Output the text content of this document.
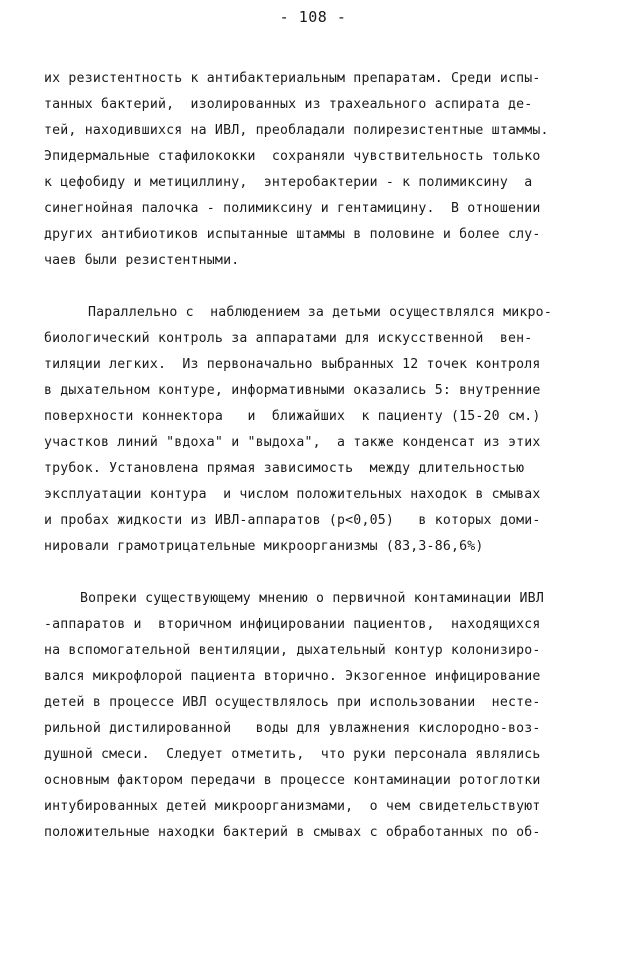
- 108 -
их резистентность к антибактериальным препаратам. Среди испы-
танных бактерий,  изолированных из трахеального аспирата де-
тей, находившихся на ИВЛ, преобладали полирезистентные штаммы.
Эпидермальные стафилококки  сохраняли чувствительность только
к цефобиду и метициллину,  энтеробактерии - к полимиксину  а
синегнойная палочка - полимиксину и гентамицину.  В отношении
других антибиотиков испытанные штаммы в половине и более слу-
чаев были резистентными.
Параллельно с  наблюдением за детьми осуществлялся микро-
биологический контроль за аппаратами для искусственной  вен-
тиляции легких.  Из первоначально выбранных 12 точек контроля
в дыхательном контуре, информативными оказались 5: внутренние
поверхности коннектора   и  ближайших  к пациенту (15-20 см.)
участков линий "вдоха" и "выдоха",  а также конденсат из этих
трубок. Установлена прямая зависимость  между длительностью
эксплуатации контура  и числом положительных находок в смывах
и пробах жидкости из ИВЛ-аппаратов (p<0,05)   в которых доми-
нировали грамотрицательные микроорганизмы (83,3-86,6%)
Вопреки существующему мнению о первичной контаминации ИВЛ
-аппаратов и  вторичном инфицировании пациентов,  находящихся
на вспомогательной вентиляции, дыхательный контур колонизиро-
вался микрофлорой пациента вторично. Экзогенное инфицирование
детей в процессе ИВЛ осуществлялось при использовании  несте-
рильной дистилированной   воды для увлажнения кислородно-воз-
душной смеси.  Следует отметить,  что руки персонала являлись
основным фактором передачи в процессе контаминации ротоглотки
интубированных детей микроорганизмами,  о чем свидетельствуют
положительные находки бактерий в смывах с обработанных по об-
